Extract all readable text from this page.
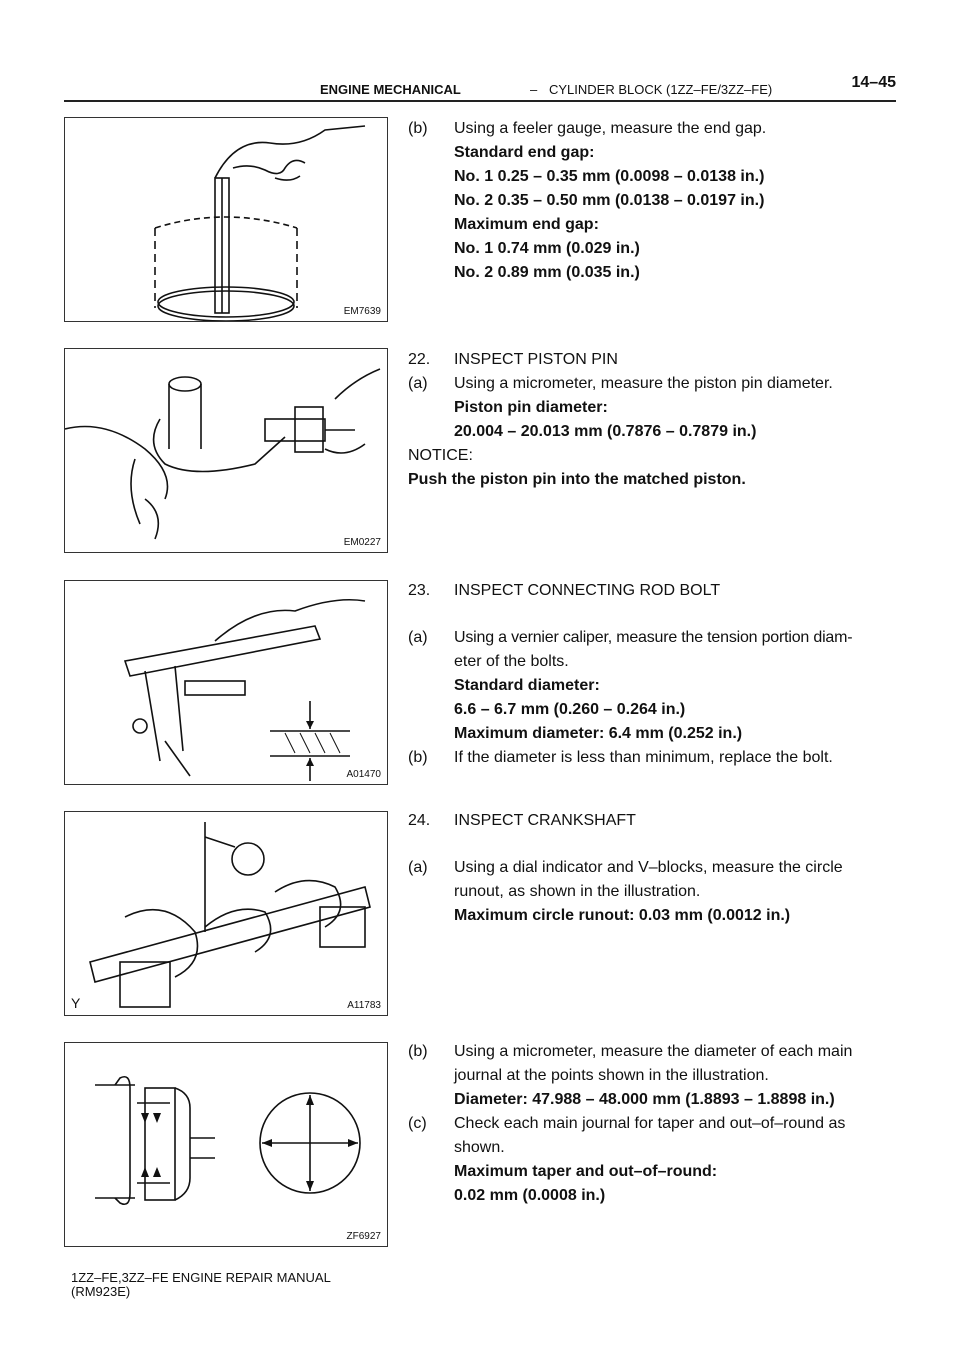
ENGINE MECHANICAL	– CYLINDER BLOCK (1ZZ–FE/3ZZ–FE)	14–45
EM7639
EM0227
A01470
Y	A11783
ZF6927
(b) Using a feeler gauge, measure the end gap.
Standard end gap:
No. 1 0.25 – 0.35 mm (0.0098 – 0.0138 in.)
No. 2 0.35 – 0.50 mm (0.0138 – 0.0197 in.)
Maximum end gap:
No. 1 0.74 mm (0.029 in.)
No. 2 0.89 mm (0.035 in.)
22. INSPECT PISTON PIN
(a) Using a micrometer, measure the piston pin diameter.
Piston pin diameter:
20.004 – 20.013 mm (0.7876 – 0.7879 in.)
NOTICE:
Push the piston pin into the matched piston.
23. INSPECT CONNECTING ROD BOLT
(a) Using a vernier caliper, measure the tension portion diam-
eter of the bolts.
Standard diameter:
6.6 – 6.7 mm (0.260 – 0.264 in.)
Maximum diameter: 6.4 mm (0.252 in.)
(b) If the diameter is less than minimum, replace the bolt.
24. INSPECT CRANKSHAFT
(a) Using a dial indicator and V–blocks, measure the circle
runout, as shown in the illustration.
Maximum circle runout: 0.03 mm (0.0012 in.)
(b) Using a micrometer, measure the diameter of each main
journal at the points shown in the illustration.
Diameter: 47.988 – 48.000 mm (1.8893 – 1.8898 in.)
(c) Check each main journal for taper and out–of–round as
shown.
Maximum taper and out–of–round:
0.02 mm (0.0008 in.)
1ZZ–FE,3ZZ–FE ENGINE REPAIR MANUAL
(RM923E)
